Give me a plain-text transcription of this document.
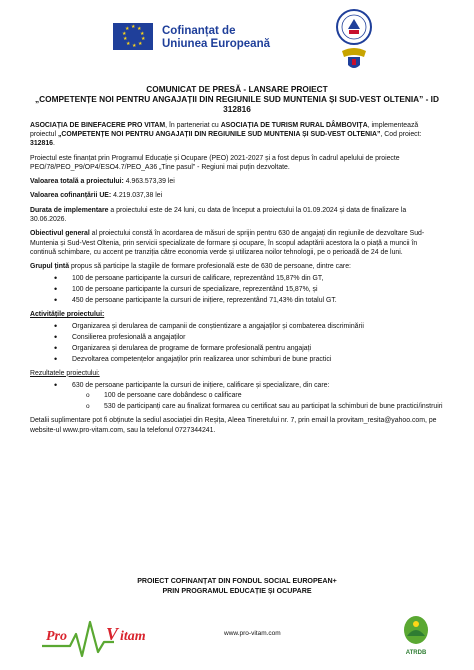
★ ★
★
★
★
★
★
★
★
★	Cofinanțat de
Uniunea Europeană
COMUNICAT DE PRESĂ - LANSARE PROIECT
„COMPETENȚE NOI PENTRU ANGAJAȚII DIN REGIUNILE SUD MUNTENIA ȘI SUD-VEST OLTENIA” - ID 312816

ASOCIAȚIA DE BINEFACERE PRO VITAM, în parteneriat cu ASOCIAȚIA DE TURISM RURAL DÂMBOVIȚA, implementează proiectul „COMPETENȚE NOI PENTRU ANGAJAȚII DIN REGIUNILE SUD MUNTENIA ȘI SUD-VEST OLTENIA”, Cod proiect: 312816.

Proiectul este finanțat prin Programul Educație și Ocupare (PEO) 2021-2027 și a fost depus în cadrul apelului de proiecte PEO/78/PEO_P9/OP4/ESO4.7/PEO_A36 „Tine pasul” - Regiuni mai puțin dezvoltate.

Valoarea totală a proiectului: 4.963.573,39 lei

Valoarea cofinanțării UE: 4.219.037,38 lei

Durata de implementare a proiectului este de 24 luni, cu data de început a proiectului la 01.09.2024 și data de finalizare la 30.06.2026.

Obiectivul general al proiectului constă în acordarea de măsuri de sprijin pentru 630 de angajați din regiunile de dezvoltare Sud-Muntenia și Sud-Vest Oltenia, prin servicii specializate de formare și ocupare, în scopul adaptării acestora la o piață a muncii în continuă schimbare, cu accent pe tranziția către economia verde și utilizarea noilor tehnologii, pe o perioadă de 24 de luni.

Grupul țintă propus să participe la stagiile de formare profesională este de 630 de persoane, dintre care:

• 100 de persoane participante la cursuri de calificare, reprezentând 15,87% din GT,
• 100 de persoane participante la cursuri de specializare, reprezentând 15,87%, și
• 450 de persoane participante la cursuri de inițiere, reprezentând 71,43% din totalul GT.

Activitățile proiectului:

• Organizarea și derularea de campanii de conștientizare a angajaților și combaterea discriminării
• Consilierea profesională a angajaților
• Organizarea și derularea de programe de formare profesională pentru angajați
• Dezvoltarea competențelor angajaților prin realizarea unor schimburi de bune practici

Rezultatele proiectului:

• 630 de persoane participante la cursuri de inițiere, calificare și specializare, din care:
o 100 de persoane care dobândesc o calificare
o 530 de participanți care au finalizat formarea cu certificat sau au participat la schimburi de bune practici/instruiri

Detalii suplimentare pot fi obținute la sediul asociației din Reșița, Aleea Tineretului nr. 7, prin email la provitam_resita@yahoo.com, pe website-ul www.pro-vitam.com, sau la telefonul 0727344241.

PROIECT COFINANȚAT DIN FONDUL SOCIAL EUROPEAN+
PRIN PROGRAMUL EDUCAȚIE ȘI OCUPARE
Pro V itam	www.pro-vitam.com
ATRDB
